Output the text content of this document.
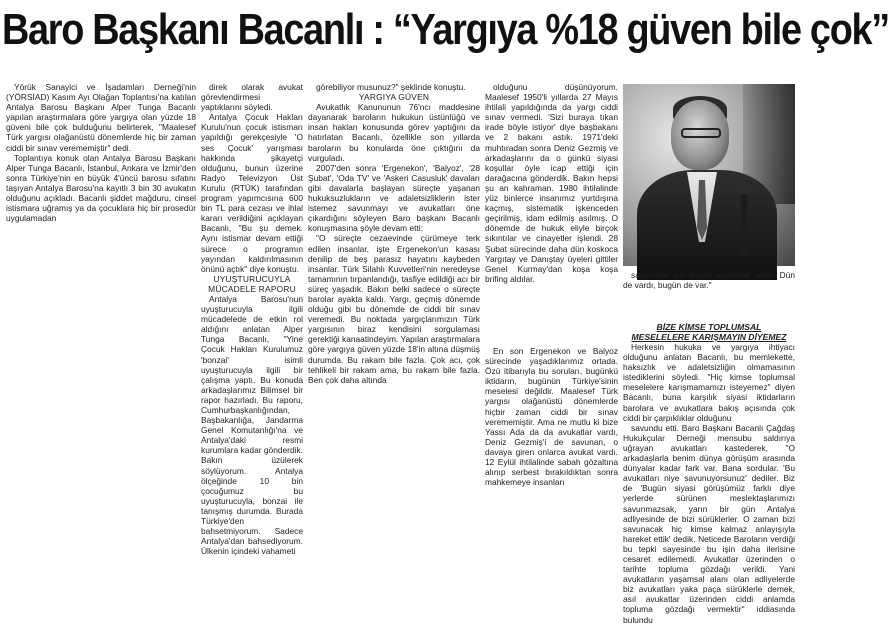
Baro Başkanı Bacanlı : “Yargıya %18 güven bile çok”

Yörük Sanayici ve İşadamları Derneği'nin (YÖRSİAD) Kasım Ayı Olağan Toplantısı'na katılan Antalya Barosu Başkanı Alper Tunga Bacanlı yapılan araştırmalara göre yargıya olan yüzde 18 güveni bile çok bulduğunu belirterek, "Maalesef Türk yargısı olağanüstü dönemlerde hiç bir zaman ciddi bir sınav verememiştir" dedi.

Toplantıya konuk olan Antalya Barosu Başkanı Alper Tunga Bacanlı, İstanbul, Ankara ve İzmir'den sonra Türkiye'nin en büyük 4'üncü barosu sıfatını taşıyan Antalya Barosu'na kayıtlı 3 bin 30 avukatın olduğunu açıkladı. Bacanlı şiddet mağduru, cinsel istismara uğramış ya da çocuklara hiç bir prosedür uygulamadan

direk olarak avukat görevlendirmesi yaptıklarını söyledi.

Antalya Çocuk Hakları Kurulu'nun çocuk istismarı yapıldığı gerekçesiyle 'O ses Çocuk' yarışması hakkında şikayetçi olduğunu, bunun üzerine Radyo Televizyon Üst Kurulu (RTÜK) tarafından program yapımcısına 600 bin TL para cezası ve ihlal kararı verildiğini açıklayan Bacanlı, "Bu şu demek. Aynı istismar devam ettiği sürece o programın yayından kaldırılmasının önünü açtık" diye konuştu.

UYUŞTURUCUYLA

MÜCADELE RAPORU

Antalya Barosu'nun uyuşturucuyla ilgili mücadelede de etkin rol aldığını anlatan Alper Tunga Bacanlı, "Yine Çocuk Hakları Kurulumuz 'bonzai' isimli uyuşturucuyla ilgili bir çalışma yaptı. Bu konuda arkadaşlarımız Bilimsel bir rapor hazırladı. Bu raporu, Cumhurbaşkanlığından, Başbakanlığa, Jandarma Genel Komutanlığı'na ve Antalya'daki resmi kurumlara kadar gönderdik. Bakın üzülerek söylüyorum. Antalya ölçeğinde 10 bin çocuğumuz bu uyuşturucuyla, bonzai ile tanışmış durumda. Burada Türkiye'den bahsetmiyorum. Sadece Antalya'dan bahsediyorum. Ülkenin içindeki vahameti

görebiliyor musunuz?" şeklinde konuştu.

YARGIYA GÜVEN

Avukatlık Kanununun 76'ncı maddesine dayanarak baroların hukukun üstünlüğü ve insan hakları konusunda görev yaptığını da hatırlatan Bacanlı, özellikle son yıllarda baroların bu konularda öne çıktığını da vurguladı.

2007'den sonra 'Ergenekon', 'Balyoz', '28 Şubat', 'Oda TV' ve 'Askeri Casusluk' davaları gibi davalarla başlayan süreçte yaşanan hukuksuzlukların ve adaletsizliklerin ister istemez savunmayı ve avukatları öne çıkardığını söyleyen Baro başkanı Bacanlı konuşmasına şöyle devam etti:

"O süreçte cezaevinde çürümeye terk edilen insanlar, işte Ergenekon'un kasası denilip de beş parasız hayatını kaybeden insanlar. Türk Silahlı Kuvvetleri'nin neredeyse tamamının tırpanlandığı, tasfiye edildiği acı bir süreç yaşadık. Bakın belki sadece o süreçte barolar ayakta kaldı. Yargı, geçmiş dönemde olduğu gibi bu dönemde de ciddi bir sınav veremedi. Bu noktada yargıçlarımızın Türk yargısının biraz kendisini sorgulaması gerektiği kanaatindeyim. Yapılan araştırmalara göre yargıya güven yüzde 18'in altına düşmüş durumda. Bu rakam bile fazla. Çok acı, çok tehlikeli bir rakam ama, bu rakam bile fazla. Ben çok daha altında

olduğunu düşünüyorum. Maalesef 1950'li yıllarda 27 Mayıs ihtilali yapıldığında da yargı ciddi sınav vermedi. 'Sizi buraya tıkan irade böyle istiyor' diye başbakanı ve 2 bakanı astık. 1971'deki muhtıradan sonra Deniz Gezmiş ve arkadaşlarını da o günkü siyasi koşullar öyle icap ettiği için darağacına gönderdik. Bakın hepsi şu an kahraman. 1980 ihtilalinde yüz binlerce insanımız yurtdışına kaçmış, sistematik işkenceden geçirilmiş, idam edilmiş asılmış. O dönemde de hukuk eliyle birçok sıkıntılar ve cinayetler işlendi. 28 Şubat sürecinde daha dün koskoca Yargıtay ve Danıştay üyeleri gittiler Genel Kurmay'dan koşa koşa brifing aldılar.

En son Ergenekon ve Balyoz sürecinde yaşadıklarımız ortada. Özü itibarıyla bu soruları, bugünkü iktidarın, bugünün Türkiye'sinin meselesi değildir. Maalesef Türk yargısı olağanüstü dönemlerde hiçbir zaman ciddi bir sınav verememiştir. Ama ne mutlu ki bize Yassı Ada da da avukatlar vardı, Deniz Gezmiş'i de savunan, o davaya giren onlarca avukat vardı. 12 Eylül ihtilalinde sabah gözaltına alınıp serbest bırakıldıktan sonra mahkemeye insanları

savunmak için koşan avukatlar vardı. Dün de vardı, bugün de var."

BİZE KİMSE TOPLUMSAL

MESELELERE KARIŞMAYIN DİYEMEZ

Herkesin hukuka ve yargıya ihtiyacı olduğunu anlatan Bacanlı, bu memlekette, haksızlık ve adaletsizliğin olmamasının istediklerini söyledi. "Hiç kimse toplumsal meselelere karışmamamızı isteyemez" diyen Bacanlı, buna karşılık siyasi iktidarların barolara ve avukatlara bakış açısında çok ciddi bir çarpıklıklar olduğunu

savundu etti. Baro Başkanı Bacanlı Çağdaş Hukukçular Derneği mensubu saldırıya uğrayan avukatları kastederek, "O arkadaşlarla benim dünya görüşüm arasında dünyalar kadar fark var. Bana sordular. 'Bu avukatları niye savunuyorsunuz' dediler. Biz de 'Bugün siyasi görüşümüz farklı diye yerlerde sürünen meslektaşlarımızı savunmazsak, yarın bir gün Antalya adliyesinde de bizi sürüklerler. O zaman bizi savunacak hiç kimse kalmaz anlayışıyla hareket ettik' dedik. Neticede Baroların verdiği bu tepki sayesinde bu işin daha ilerisine cesaret edilemedi. Avukatlar üzerinden o tarihte topluma gözdağı verildi. Yani avukatların yaşamsal alanı olan adliyelerde biz avukatları yaka paça sürüklerle demek, asıl avukatlar üzerinden ciddi anlamda topluma gözdağı vermektir" iddiasında bulundu
